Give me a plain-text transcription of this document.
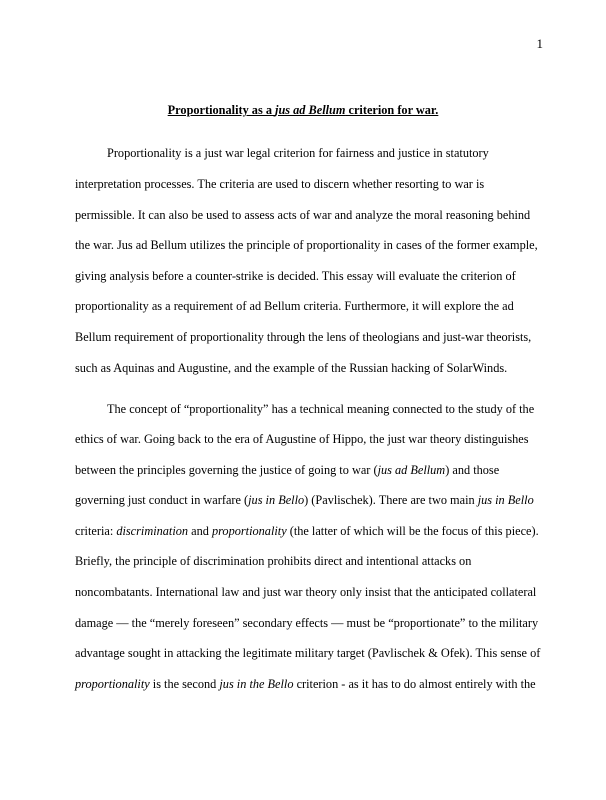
1
Proportionality as a jus ad Bellum criterion for war.
Proportionality is a just war legal criterion for fairness and justice in statutory
interpretation processes. The criteria are used to discern whether resorting to war is
permissible. It can also be used to assess acts of war and analyze the moral reasoning behind
the war. Jus ad Bellum utilizes the principle of proportionality in cases of the former example,
giving analysis before a counter-strike is decided. This essay will evaluate the criterion of
proportionality as a requirement of ad Bellum criteria. Furthermore, it will explore the ad
Bellum requirement of proportionality through the lens of theologians and just-war theorists,
such as Aquinas and Augustine, and the example of the Russian hacking of SolarWinds.
The concept of “proportionality” has a technical meaning connected to the study of the
ethics of war. Going back to the era of Augustine of Hippo, the just war theory distinguishes
between the principles governing the justice of going to war (jus ad Bellum) and those
governing just conduct in warfare (jus in Bello) (Pavlischek). There are two main jus in Bello
criteria: discrimination and proportionality (the latter of which will be the focus of this piece).
Briefly, the principle of discrimination prohibits direct and intentional attacks on
noncombatants. International law and just war theory only insist that the anticipated collateral
damage — the “merely foreseen” secondary effects — must be “proportionate” to the military
advantage sought in attacking the legitimate military target (Pavlischek & Ofek). This sense of
proportionality is the second jus in the Bello criterion - as it has to do almost entirely with the
